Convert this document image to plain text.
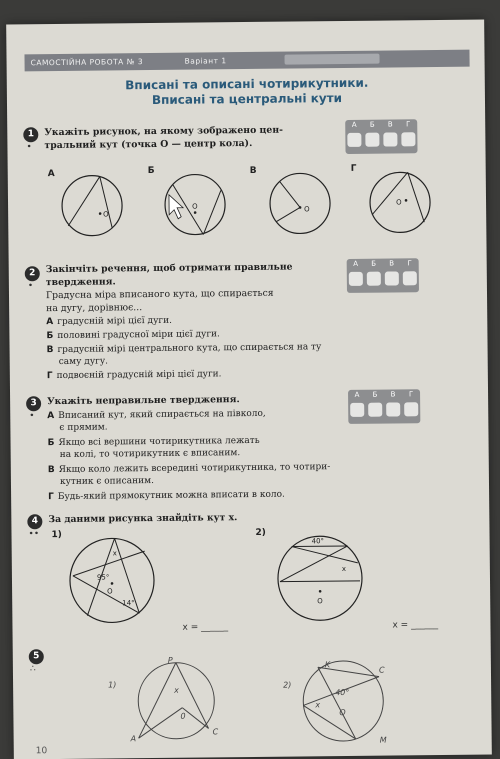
САМОСТІЙНА РОБОТА № 3	Варіант 1
Вписані та описані чотирикутники.
Вписані та центральні кути
1
•
Укажіть рисунок, на якому зображено цен-
тральний кут (точка O — центр кола).
А	Б	В	Г
А	Б	В	Г
O
O	O
O
2
•
Закінчіть речення, щоб отримати правильне
твердження.
Градусна міра вписаного кута, що спирається
на дугу, дорівнює...
А	Б	В	Г
А градусній мірі цієї дуги.
Б половині градусної міри цієї дуги.
В градусній мірі центрального кута, що спирається на ту
саму дугу.
Г подвоєній градусній мірі цієї дуги.
3
•
Укажіть неправильне твердження.	А	Б	В	Г
А Вписаний кут, який спирається на півколо,
є прямим.
Б Якщо всі вершини чотирикутника лежать
на колі, то чотирикутник є вписаним.
В Якщо коло лежить всередині чотирикутника, то чотири-
кутник є описаним.
Г Будь-який прямокутник можна вписати в коло.
4
••
За даними рисунка знайдіть кут x.
1)	2)
O
x
95°
14°
x = ______
O
40°
x
x = ______
5
∴
1)
P
x
0
A
C
2)
K
C
40°
x
O
M
10
